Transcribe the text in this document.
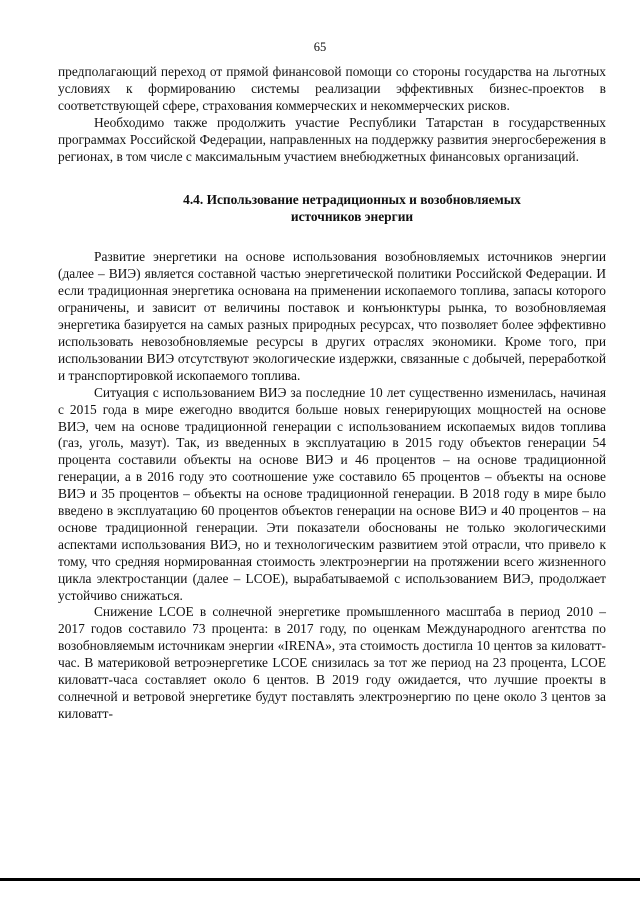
65

предполагающий переход от прямой финансовой помощи со стороны государства на льготных условиях к формированию системы реализации эффективных бизнес-проектов в соответствующей сфере, страхования коммерческих и некоммерческих рисков.

Необходимо также продолжить участие Республики Татарстан в государственных программах Российской Федерации, направленных на поддержку развития энергосбережения в регионах, в том числе с максимальным участием внебюджетных финансовых организаций.

4.4. Использование нетрадиционных и возобновляемых
источников энергии

Развитие энергетики на основе использования возобновляемых источников энергии (далее – ВИЭ) является составной частью энергетической политики Российской Федерации. И если традиционная энергетика основана на применении ископаемого топлива, запасы которого ограничены, и зависит от величины поставок и конъюнктуры рынка, то возобновляемая энергетика базируется на самых разных природных ресурсах, что позволяет более эффективно использовать невозобновляемые ресурсы в других отраслях экономики. Кроме того, при использовании ВИЭ отсутствуют экологические издержки, связанные с добычей, переработкой и транспортировкой ископаемого топлива.

Ситуация с использованием ВИЭ за последние 10 лет существенно изменилась, начиная с 2015 года в мире ежегодно вводится больше новых генерирующих мощностей на основе ВИЭ, чем на основе традиционной генерации с использованием ископаемых видов топлива (газ, уголь, мазут). Так, из введенных в эксплуатацию в 2015 году объектов генерации 54 процента составили объекты на основе ВИЭ и 46 процентов – на основе традиционной генерации, а в 2016 году это соотношение уже составило 65 процентов – объекты на основе ВИЭ и 35 процентов – объекты на основе традиционной генерации. В 2018 году в мире было введено в эксплуатацию 60 процентов объектов генерации на основе ВИЭ и 40 процентов – на основе традиционной генерации. Эти показатели обоснованы не только экологическими аспектами использования ВИЭ, но и технологическим развитием этой отрасли, что привело к тому, что средняя нормированная стоимость электроэнергии на протяжении всего жизненного цикла электростанции (далее – LCOE), вырабатываемой с использованием ВИЭ, продолжает устойчиво снижаться.

Снижение LCOE в солнечной энергетике промышленного масштаба в период 2010 – 2017 годов составило 73 процента: в 2017 году, по оценкам Международного агентства по возобновляемым источникам энергии «IRENA», эта стоимость достигла 10 центов за киловатт-час. В материковой ветроэнергетике LCOE снизилась за тот же период на 23 процента, LCOE киловатт-часа составляет около 6 центов. В 2019 году ожидается, что лучшие проекты в солнечной и ветровой энергетике будут поставлять электроэнергию по цене около 3 центов за киловатт-
